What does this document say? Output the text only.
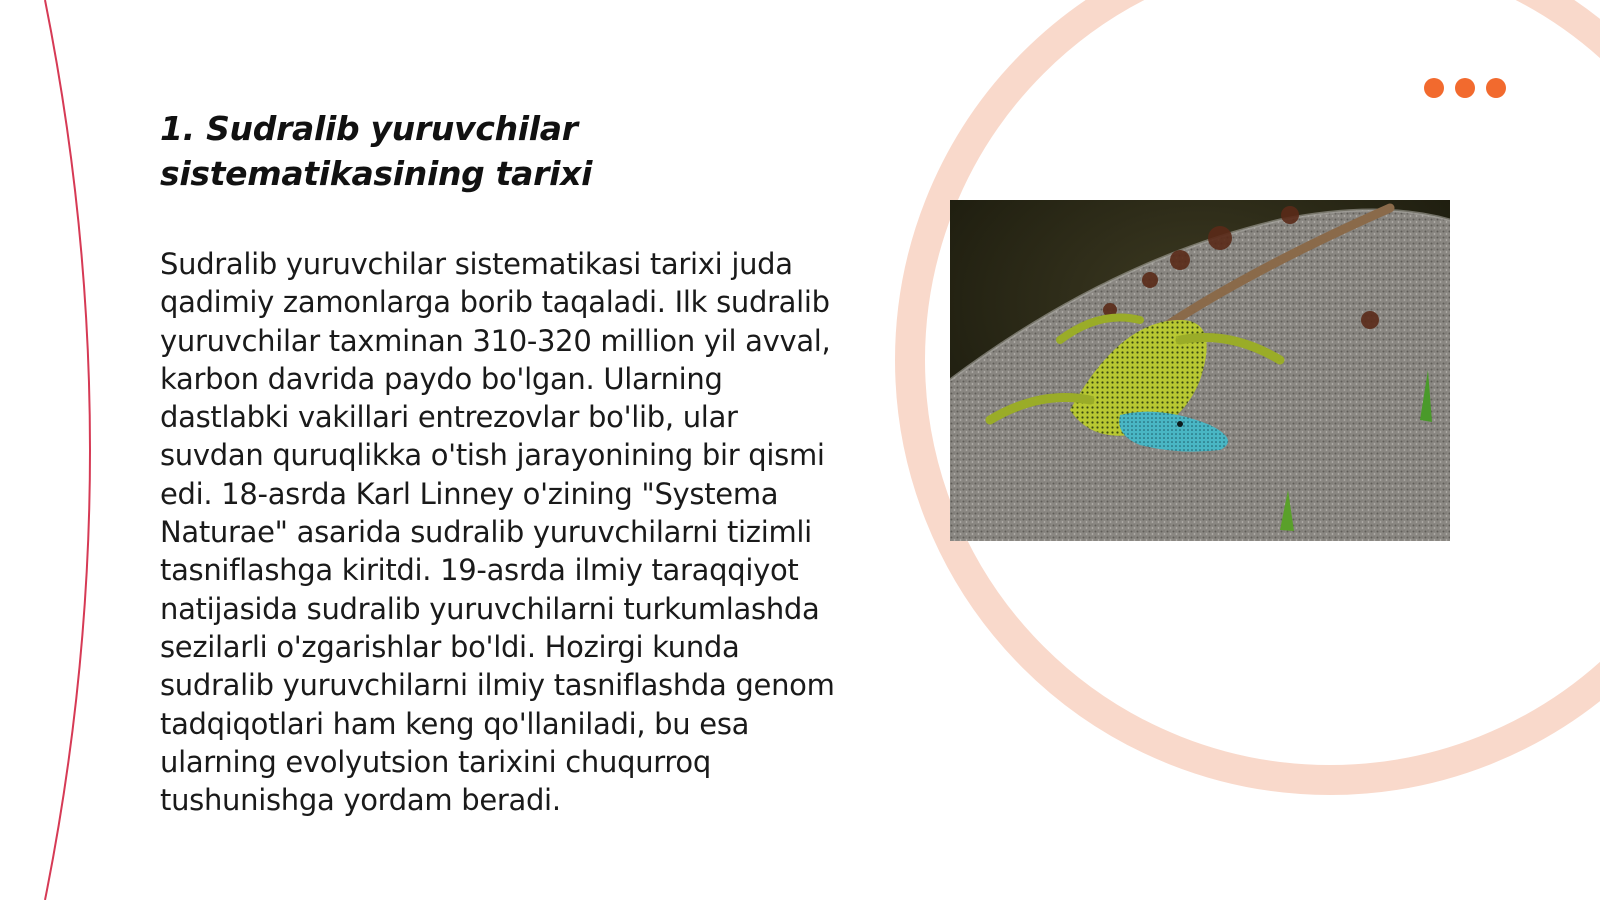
1. Sudralib yuruvchilar sistematikasining tarixi

Sudralib yuruvchilar sistematikasi tarixi juda qadimiy zamonlarga borib taqaladi. Ilk sudralib yuruvchilar taxminan 310-320 million yil avval, karbon davrida paydo bo'lgan. Ularning dastlabki vakillari entrezovlar bo'lib, ular suvdan quruqlikka o'tish jarayonining bir qismi edi. 18-asrda Karl Linney o'zining "Systema Naturae" asarida sudralib yuruvchilarni tizimli tasniflashga kiritdi. 19-asrda ilmiy taraqqiyot natijasida sudralib yuruvchilarni turkumlashda sezilarli o'zgarishlar bo'ldi. Hozirgi kunda sudralib yuruvchilarni ilmiy tasniflashda genom tadqiqotlari ham keng qo'llaniladi, bu esa ularning evolyutsion tarixini chuqurroq tushunishga yordam beradi.
